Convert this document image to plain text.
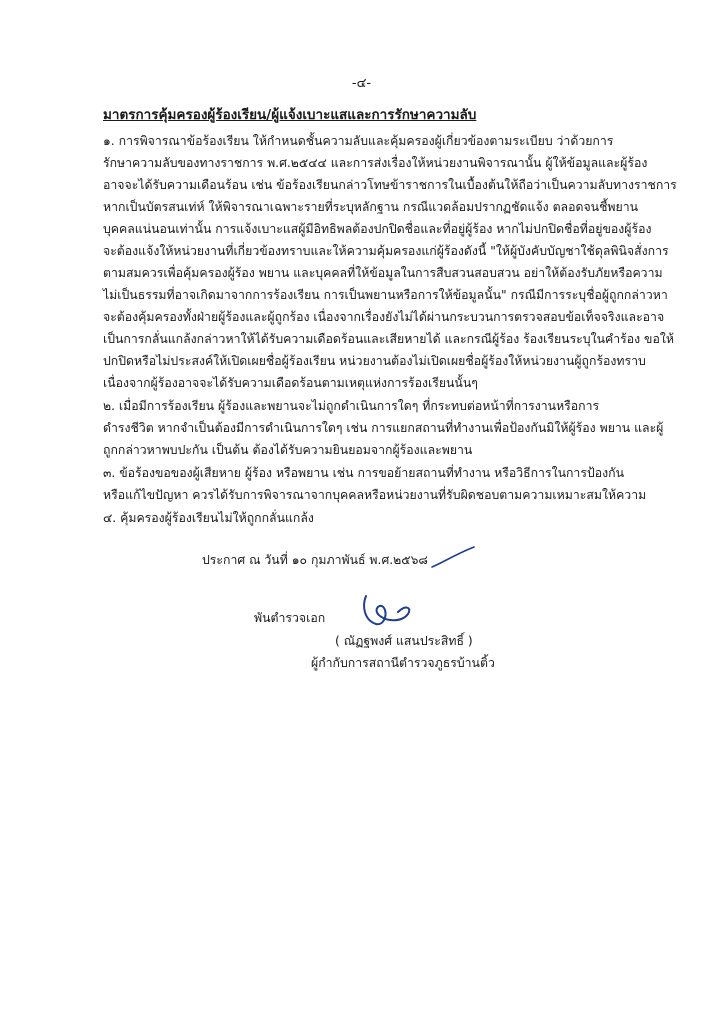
-๔-
มาตรการคุ้มครองผู้ร้องเรียน/ผู้แจ้งเบาะแสและการรักษาความลับ
๑. การพิจารณาข้อร้องเรียน ให้กำหนดชั้นความลับและคุ้มครองผู้เกี่ยวข้องตามระเบียบ ว่าด้วยการ
รักษาความลับของทางราชการ พ.ศ.๒๕๔๔ และการส่งเรื่องให้หน่วยงานพิจารณานั้น ผู้ให้ข้อมูลและผู้ร้อง
อาจจะได้รับความเดือนร้อน เช่น ข้อร้องเรียนกล่าวโทษข้าราชการในเบื้องต้นให้ถือว่าเป็นความลับทางราชการ
หากเป็นบัตรสนเท่ห์ ให้พิจารณาเฉพาะรายที่ระบุหลักฐาน กรณีแวดล้อมปรากฏชัดแจ้ง ตลอดจนชี้พยาน
บุคคลแน่นอนเท่านั้น การแจ้งเบาะแสผู้มีอิทธิพลต้องปกปิดชื่อและที่อยู่ผู้ร้อง หากไม่ปกปิดชื่อที่อยู่ของผู้ร้อง
จะต้องแจ้งให้หน่วยงานที่เกี่ยวข้องทราบและให้ความคุ้มครองแก่ผู้ร้องดังนี้ "ให้ผู้บังคับบัญชาใช้ดุลพินิจสั่งการ
ตามสมควรเพื่อคุ้มครองผู้ร้อง พยาน และบุคคลที่ให้ข้อมูลในการสืบสวนสอบสวน อย่าให้ต้องรับภัยหรือความ
ไม่เป็นธรรมที่อาจเกิดมาจากการร้องเรียน การเป็นพยานหรือการให้ข้อมูลนั้น" กรณีมีการระบุชื่อผู้ถูกกล่าวหา
จะต้องคุ้มครองทั้งฝ่ายผู้ร้องและผู้ถูกร้อง เนื่องจากเรื่องยังไม่ได้ผ่านกระบวนการตรวจสอบข้อเท็จจริงและอาจ
เป็นการกลั่นแกล้งกล่าวหาให้ได้รับความเดือดร้อนและเสียหายได้ และกรณีผู้ร้อง ร้องเรียนระบุในคำร้อง ขอให้
ปกปิดหรือไม่ประสงค์ให้เปิดเผยชื่อผู้ร้องเรียน หน่วยงานต้องไม่เปิดเผยชื่อผู้ร้องให้หน่วยงานผู้ถูกร้องทราบ
เนื่องจากผู้ร้องอาจจะได้รับความเดือดร้อนตามเหตุแห่งการร้องเรียนนั้นๆ
๒. เมื่อมีการร้องเรียน ผู้ร้องและพยานจะไม่ถูกดำเนินการใดๆ ที่กระทบต่อหน้าที่การงานหรือการ
ดำรงชีวิต หากจำเป็นต้องมีการดำเนินการใดๆ เช่น การแยกสถานที่ทำงานเพื่อป้องกันมิให้ผู้ร้อง พยาน และผู้
ถูกกล่าวหาพบปะกัน เป็นต้น ต้องได้รับความยินยอมจากผู้ร้องและพยาน
๓. ข้อร้องขอของผู้เสียหาย ผู้ร้อง หรือพยาน เช่น การขอย้ายสถานที่ทำงาน หรือวิธีการในการป้องกัน
หรือแก้ไขปัญหา ควรได้รับการพิจารณาจากบุคคลหรือหน่วยงานที่รับผิดชอบตามความเหมาะสมให้ความ
๔. คุ้มครองผู้ร้องเรียนไม่ให้ถูกกลั่นแกล้ง
ประกาศ ณ วันที่ ๑๐ กุมภาพันธ์ พ.ศ.๒๕๖๘
พันตำรวจเอก
( ณัฏฐพงศ์ แสนประสิทธิ์ )
ผู้กำกับการสถานีตำรวจภูธรบ้านติ้ว
